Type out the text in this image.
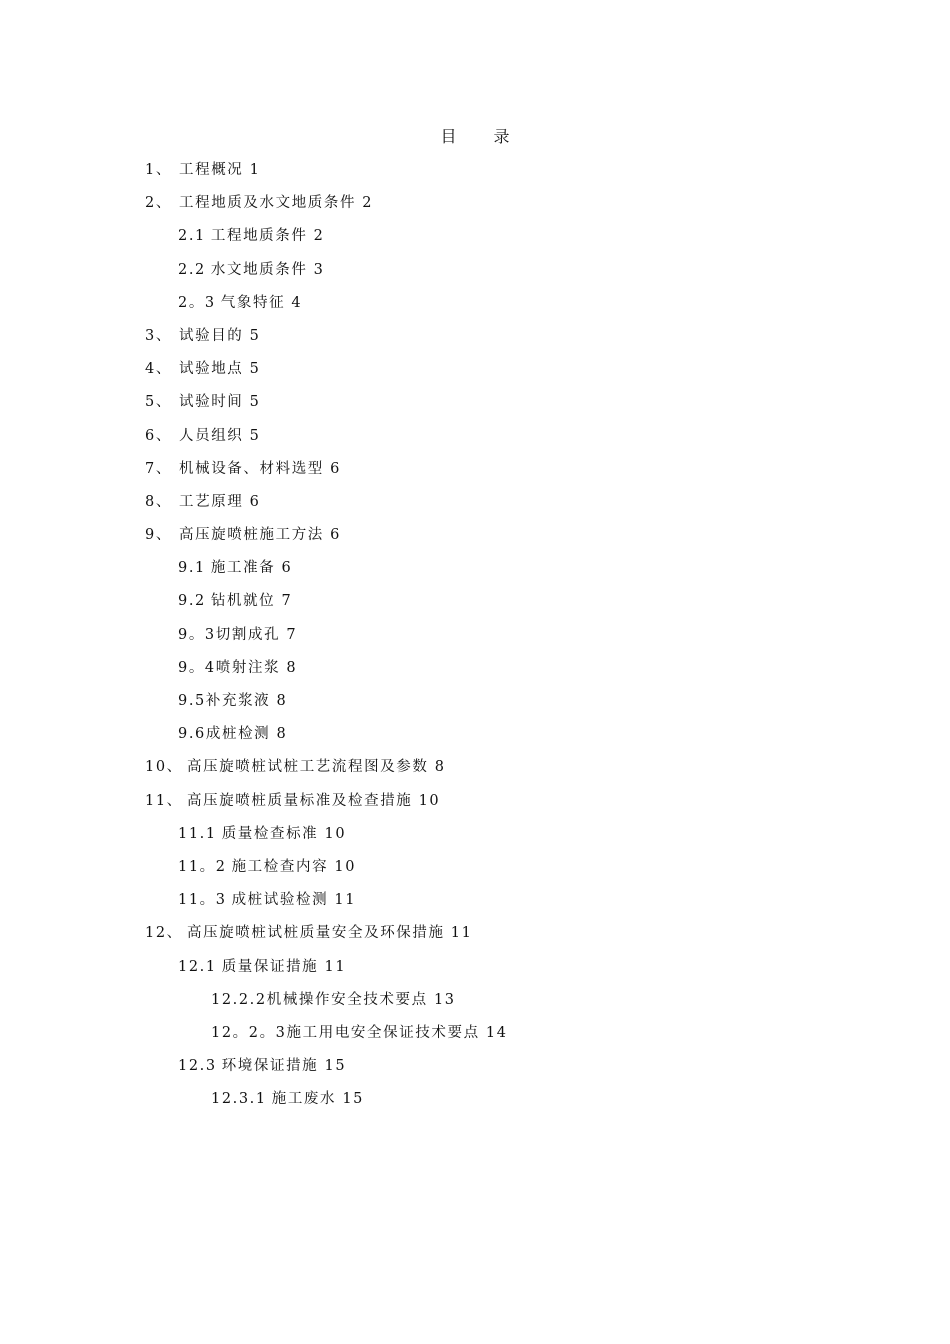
目 录
1、 工程概况 1
2、 工程地质及水文地质条件 2
2.1 工程地质条件 2
2.2 水文地质条件 3
2。3 气象特征 4
3、 试验目的 5
4、 试验地点 5
5、 试验时间 5
6、 人员组织 5
7、 机械设备、材料选型 6
8、 工艺原理 6
9、 高压旋喷桩施工方法 6
9.1 施工准备 6
9.2 钻机就位 7
9。3切割成孔 7
9。4喷射注浆 8
9.5补充浆液 8
9.6成桩检测 8
10、 高压旋喷桩试桩工艺流程图及参数 8
11、 高压旋喷桩质量标准及检查措施 10
11.1 质量检查标准 10
11。2 施工检查内容 10
11。3 成桩试验检测 11
12、 高压旋喷桩试桩质量安全及环保措施 11
12.1 质量保证措施 11
12.2.2机械操作安全技术要点 13
12。2。3施工用电安全保证技术要点 14
12.3 环境保证措施 15
12.3.1 施工废水 15
